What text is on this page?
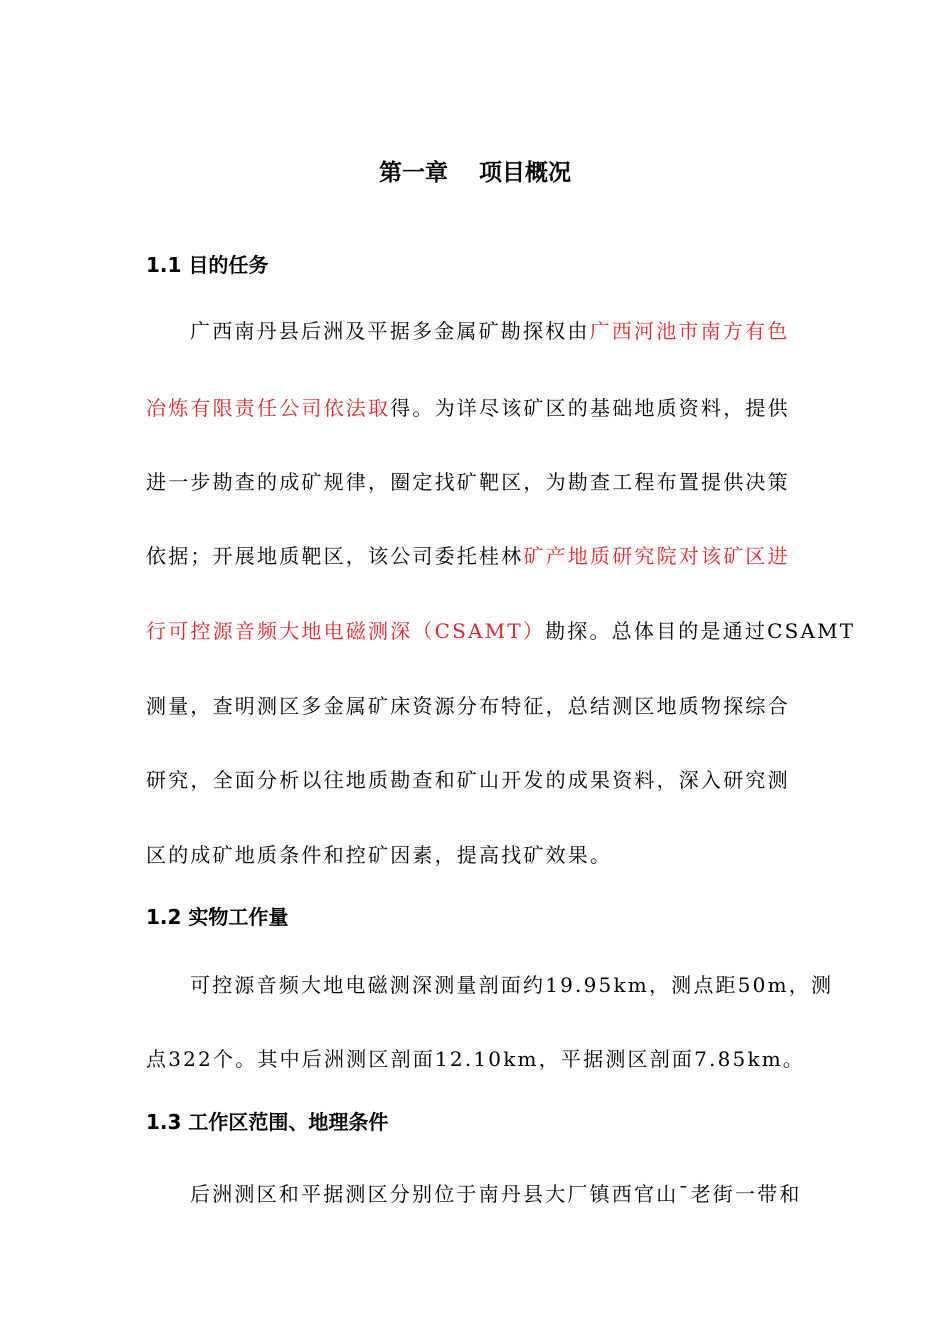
第一章　 项目概况
1.1 目的任务
广西南丹县后洲及平据多金属矿勘探权由广西河池市南方有色
冶炼有限责任公司依法取得。为详尽该矿区的基础地质资料，提供
进一步勘查的成矿规律，圈定找矿靶区，为勘查工程布置提供决策
依据；开展地质靶区，该公司委托桂林矿产地质研究院对该矿区进
行可控源音频大地电磁测深（CSAMT）勘探。总体目的是通过CSAMT
测量，查明测区多金属矿床资源分布特征，总结测区地质物探综合
研究，全面分析以往地质勘查和矿山开发的成果资料，深入研究测
区的成矿地质条件和控矿因素，提高找矿效果。
1.2 实物工作量
可控源音频大地电磁测深测量剖面约19.95km，测点距50m，测
点322个。其中后洲测区剖面12.10km，平据测区剖面7.85km。
1.3 工作区范围、地理条件
后洲测区和平据测区分别位于南丹县大厂镇西官山¯老街一带和
